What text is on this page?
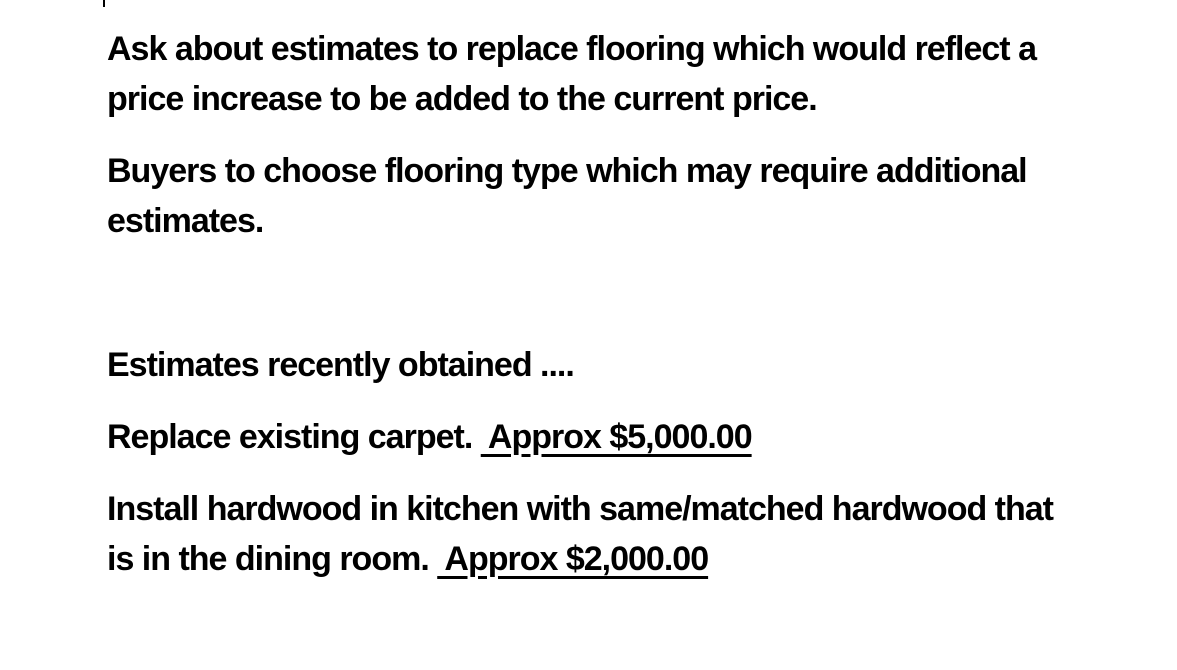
Ask about estimates to replace flooring which would reflect a
price increase to be added to the current price.
Buyers to choose flooring type which may require additional
estimates.
Estimates recently obtained ....
Replace existing carpet.  Approx $5,000.00
Install hardwood in kitchen with same/matched hardwood that
is in the dining room.  Approx $2,000.00
